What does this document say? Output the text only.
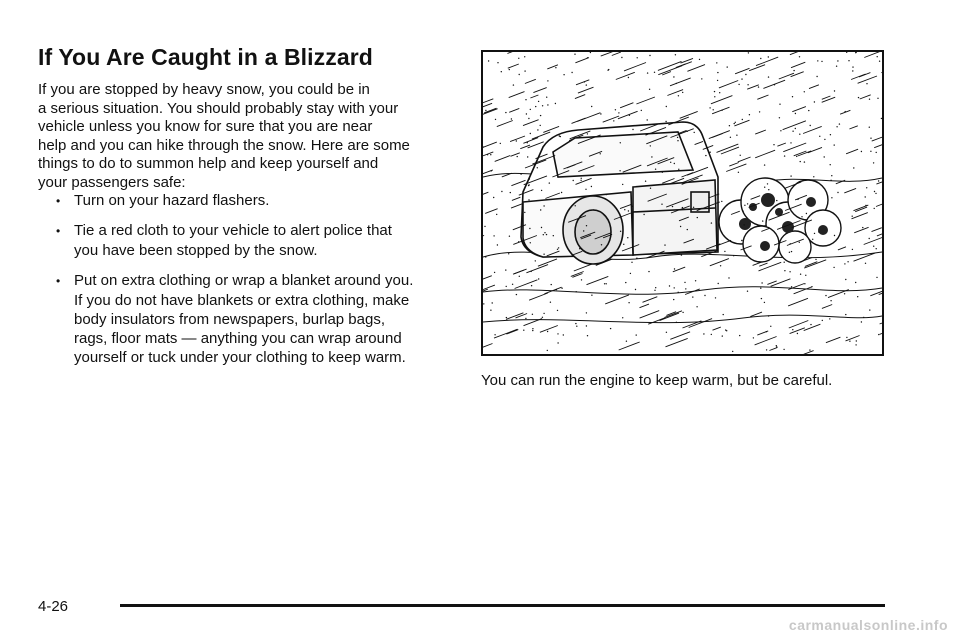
If You Are Caught in a Blizzard
If you are stopped by heavy snow, you could be in
a serious situation. You should probably stay with your
vehicle unless you know for sure that you are near
help and you can hike through the snow. Here are some
things to do to summon help and keep yourself and
your passengers safe:
• Turn on your hazard flashers.
• Tie a red cloth to your vehicle to alert police that
you have been stopped by the snow.
• Put on extra clothing or wrap a blanket around you.
If you do not have blankets or extra clothing, make
body insulators from newspapers, burlap bags,
rags, floor mats — anything you can wrap around
yourself or tuck under your clothing to keep warm.

You can run the engine to keep warm, but be careful.

4-26
carmanualsonline.info
